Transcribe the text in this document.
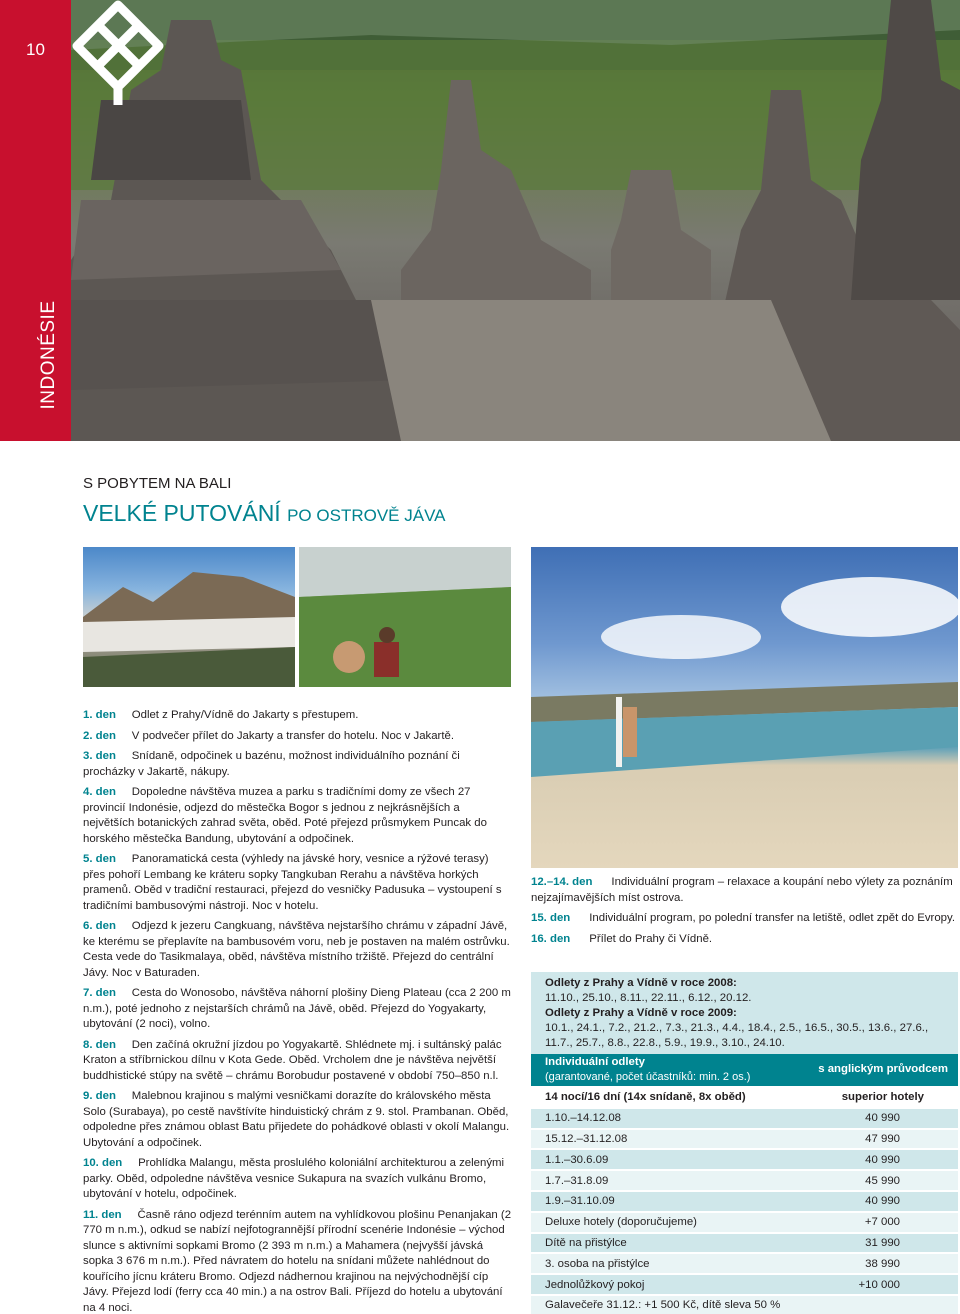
10
INDONÉSIE
S POBYTEM NA BALI
VELKÉ PUTOVÁNÍ PO OSTROVĚ JÁVA

1. den Odlet z Prahy/Vídně do Jakarty s přestupem.

2. den V podvečer přílet do Jakarty a transfer do hotelu. Noc v Jakartě.

3. den Snídaně, odpočinek u bazénu, možnost individuálního poznání či procházky v Jakartě, nákupy.

4. den Dopoledne návštěva muzea a parku s tradičními domy ze všech 27 provincií Indonésie, odjezd do městečka Bogor s jednou z nejkrásnějších a největších botanických zahrad světa, oběd. Poté přejezd průsmykem Puncak do horského městečka Bandung, ubytování a odpočinek.

5. den Panoramatická cesta (výhledy na jávské hory, vesnice a rýžové terasy) přes pohoří Lembang ke kráteru sopky Tangkuban Rerahu a návštěva horkých pramenů. Oběd v tradiční restauraci, přejezd do vesničky Padusuka – vystoupení s tradičními bambusovými nástroji. Noc v hotelu.

6. den Odjezd k jezeru Cangkuang, návštěva nejstaršího chrámu v západní Jávě, ke kterému se přeplavíte na bambusovém voru, neb je postaven na malém ostrůvku. Cesta vede do Tasikmalaya, oběd, návštěva místního tržiště. Přejezd do centrální Jávy. Noc v Baturaden.

7. den Cesta do Wonosobo, návštěva náhorní plošiny Dieng Plateau (cca 2 200 m n.m.), poté jednoho z nejstarších chrámů na Jávě, oběd. Přejezd do Yogyakarty, ubytování (2 noci), volno.

8. den Den začíná okružní jízdou po Yogyakartě. Shlédnete mj. i sultánský palác Kraton a stříbrnickou dílnu v Kota Gede. Oběd. Vrcholem dne je návštěva největší buddhistické stúpy na světě – chrámu Borobudur postavené v období 750–850 n.l.

9. den Malebnou krajinou s malými vesničkami dorazíte do královského města Solo (Surabaya), po cestě navštívíte hinduistický chrám z 9. stol. Prambanan. Oběd, odpoledne přes známou oblast Batu přijedete do pohádkové oblasti v okolí Malangu. Ubytování a odpočinek.

10. den Prohlídka Malangu, města proslulého koloniální architekturou a zelenými parky. Oběd, odpoledne návštěva vesnice Sukapura na svazích vulkánu Bromo, ubytování v hotelu, odpočinek.

11. den Časně ráno odjezd terénním autem na vyhlídkovou plošinu Penanjakan (2 770 m n.m.), odkud se nabízí nejfotogrannější přírodní scenérie Indonésie – východ slunce s aktivními sopkami Bromo (2 393 m n.m.) a Mahamera (nejvyšší jávská sopka 3 676 m n.m.). Před návratem do hotelu na snídani můžete nahlédnout do kouřícího jícnu kráteru Bromo. Odjezd nádhernou krajinou na nejvýchodnější cíp Jávy. Přejezd lodí (ferry cca 40 min.) a na ostrov Bali. Příjezd do hotelu a ubytování na 4 noci.

12.–14. den Individuální program – relaxace a koupání nebo výlety za poznáním nejzajímavějších míst ostrova.

15. den Individuální program, po polední transfer na letiště, odlet zpět do Evropy.

16. den Přílet do Prahy či Vídně.

Odlety z Prahy a Vídně v roce 2008:
11.10., 25.10., 8.11., 22.11., 6.12., 20.12.
Odlety z Prahy a Vídně v roce 2009:
10.1., 24.1., 7.2., 21.2., 7.3., 21.3., 4.4., 18.4., 2.5., 16.5., 30.5., 13.6., 27.6., 11.7., 25.7., 8.8., 22.8., 5.9., 19.9., 3.10., 24.10.
Individuální odlety
(garantované, počet účastníků: min. 2 os.)
s anglickým průvodcem
14 nocí/16 dní (14x snídaně, 8x oběd)	superior hotely
1.10.–14.12.08	40 990
15.12.–31.12.08	47 990
1.1.–30.6.09	40 990
1.7.–31.8.09	45 990
1.9.–31.10.09	40 990
Deluxe hotely (doporučujeme)	+7 000
Dítě na přistýlce	31 990
3. osoba na přistýlce	38 990
Jednolůžkový pokoj	+10 000
Galavečeře 31.12.: +1 500 Kč, dítě sleva 50 %	
